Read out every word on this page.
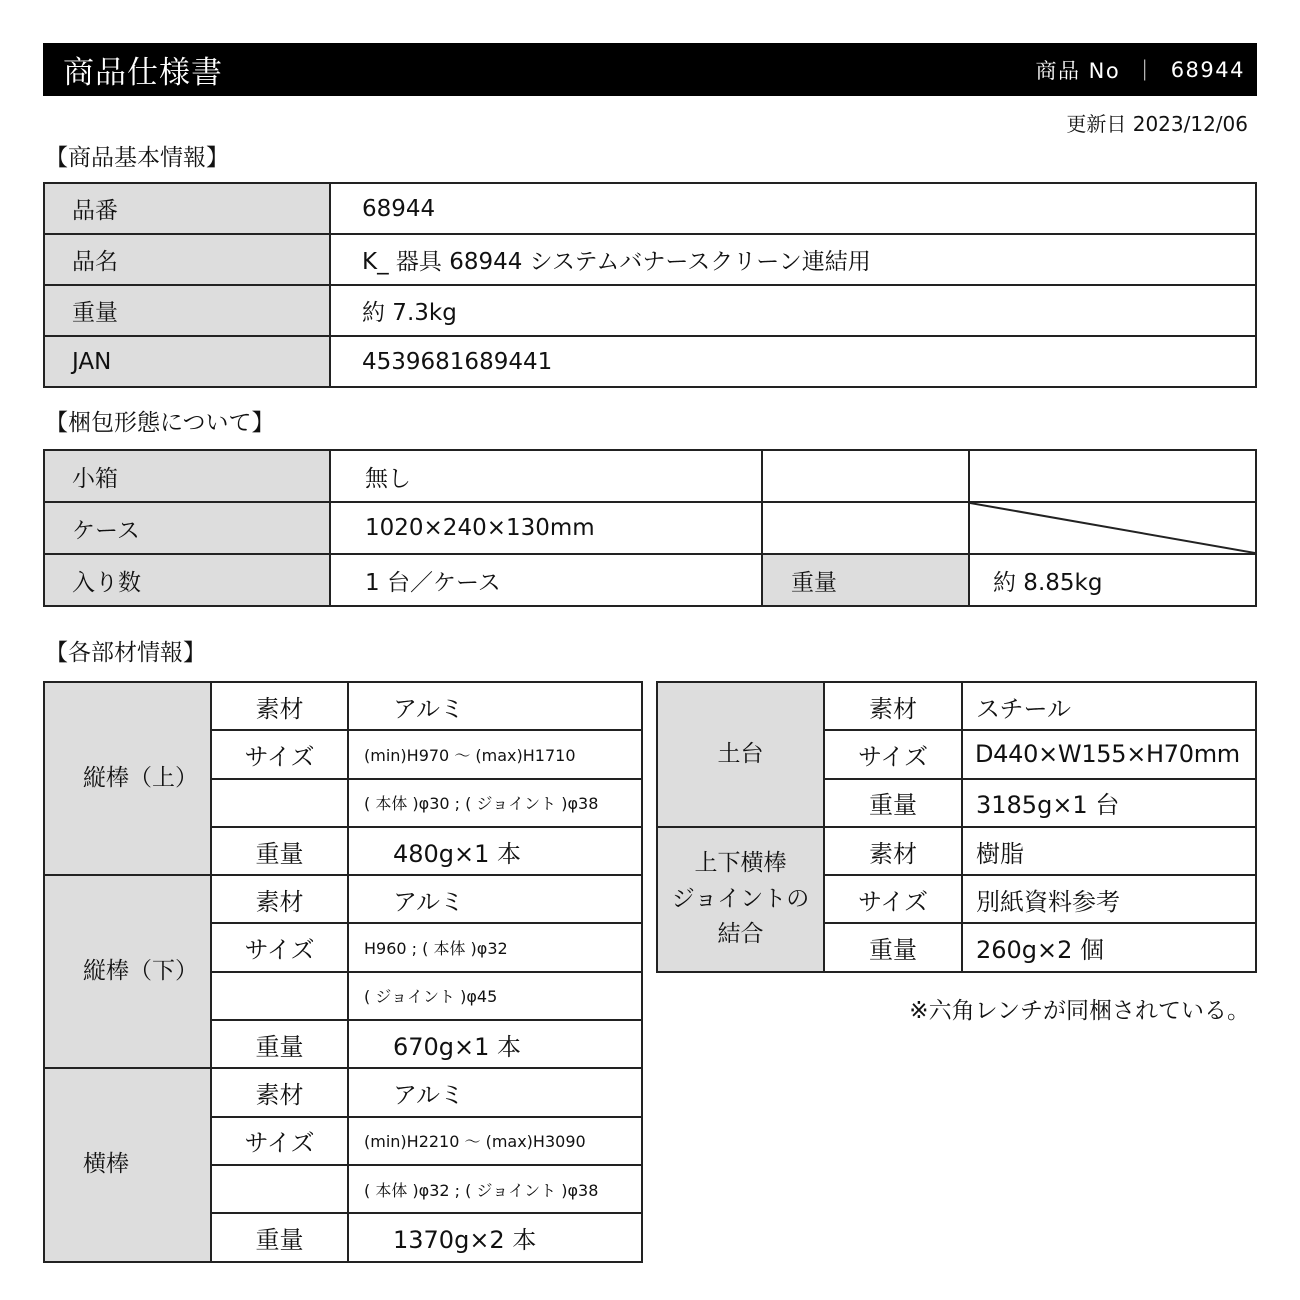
商品仕様書	商品 No ｜ 68944
更新日 2023/12/06
【商品基本情報】
品番	68944
品名	K_ 器具 68944 システムバナースクリーン連結用
重量	約 7.3kg
JAN	4539681689441
【梱包形態について】
小箱	無し		
ケース	1020×240×130mm		

入り数	1 台／ケース	重量	約 8.85kg
【各部材情報】
縦棒（上）	素材	アルミ
	サイズ	(min)H970 〜 (max)H1710
		( 本体 )φ30 ; ( ジョイント )φ38
	重量	480g×1 本
縦棒（下）	素材	アルミ
	サイズ	H960 ; ( 本体 )φ32
		( ジョイント )φ45
	重量	670g×1 本
横棒	素材	アルミ
	サイズ	(min)H2210 〜 (max)H3090
		( 本体 )φ32 ; ( ジョイント )φ38
	重量	1370g×2 本
土台	素材	スチール
	サイズ	D440×W155×H70mm
	重量	3185g×1 台

上下横棒
ジョイントの
結合	素材	樹脂
	サイズ	別紙資料参考
	重量	260g×2 個
※六角レンチが同梱されている。
